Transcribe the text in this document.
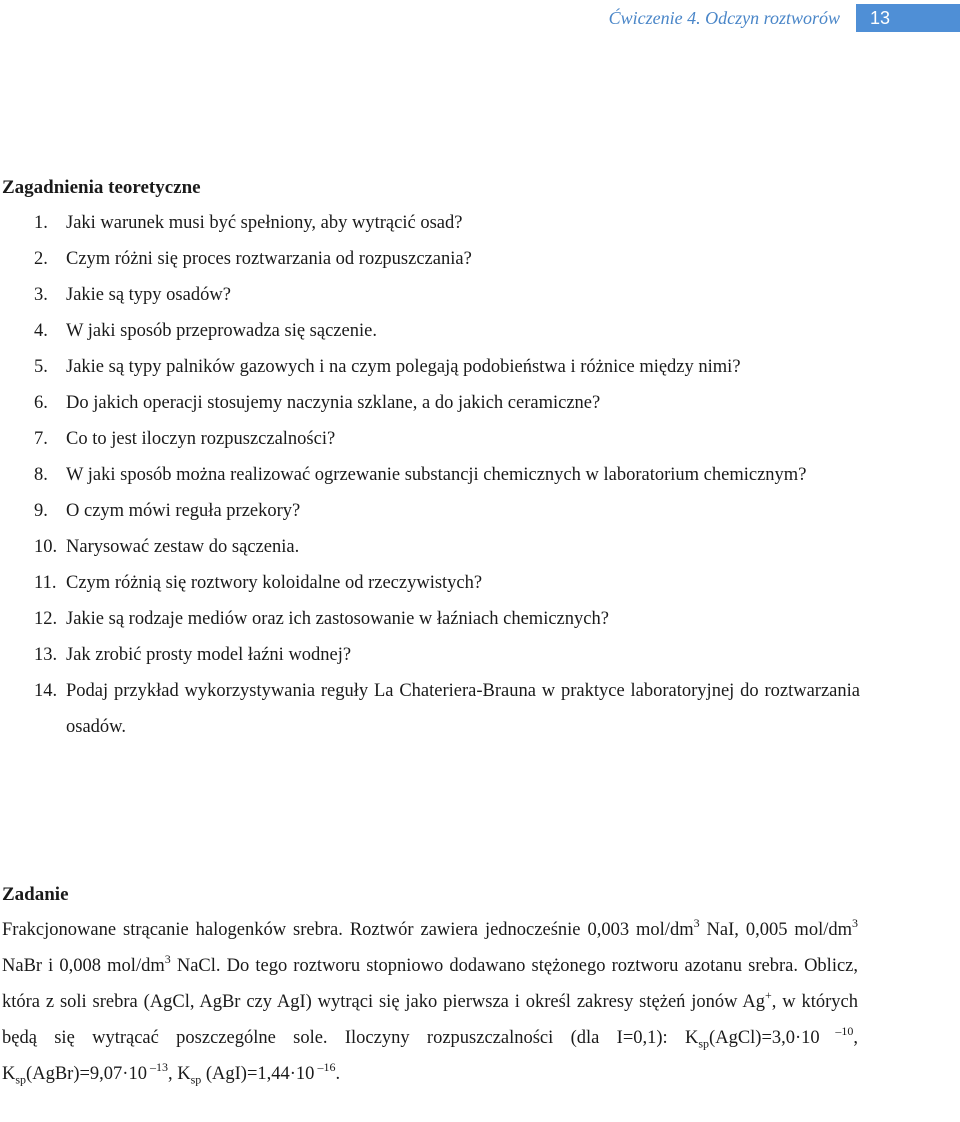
Ćwiczenie 4. Odczyn roztworów	13
Zagadnienia teoretyczne
1. Jaki warunek musi być spełniony, aby wytrącić osad?
2. Czym różni się proces roztwarzania od rozpuszczania?
3. Jakie są typy osadów?
4. W jaki sposób przeprowadza się sączenie.
5. Jakie są typy palników gazowych i na czym polegają podobieństwa i różnice między nimi?
6. Do jakich operacji stosujemy naczynia szklane, a do jakich ceramiczne?
7. Co to jest iloczyn rozpuszczalności?
8. W jaki sposób można realizować ogrzewanie substancji chemicznych w laboratorium chemicznym?
9. O czym mówi reguła przekory?
10. Narysować zestaw do sączenia.
11. Czym różnią się roztwory koloidalne od rzeczywistych?
12. Jakie są rodzaje mediów oraz ich zastosowanie w łaźniach chemicznych?
13. Jak zrobić prosty model łaźni wodnej?
14. Podaj przykład wykorzystywania reguły La Chateriera-Brauna w praktyce laboratoryjnej do roztwarzania osadów.
Zadanie

Frakcjonowane strącanie halogenków srebra. Roztwór zawiera jednocześnie 0,003 mol/$dm^3$ NaI, 0,005 mol/$dm^3$ NaBr i 0,008 mol/$dm^3$ NaCl. Do tego roztworu stopniowo dodawano stężonego roztworu azotanu srebra. Oblicz, która z soli srebra (AgCl, AgBr czy AgI) wytrąci się jako pierwsza i określ zakresy stężeń jonów Ag+, w których będą się wytrącać poszczególne sole. Iloczyny rozpuszczalności (dla I=0,1): $K_{sp}(AgCl)=3,0\cdot 10$ $^{-10}$, $K_{sp}(AgBr)=9,07\cdot 10$ $^{-13}$, $K_{sp}$ (AgI)=1,44·10 $^{-16}$.
